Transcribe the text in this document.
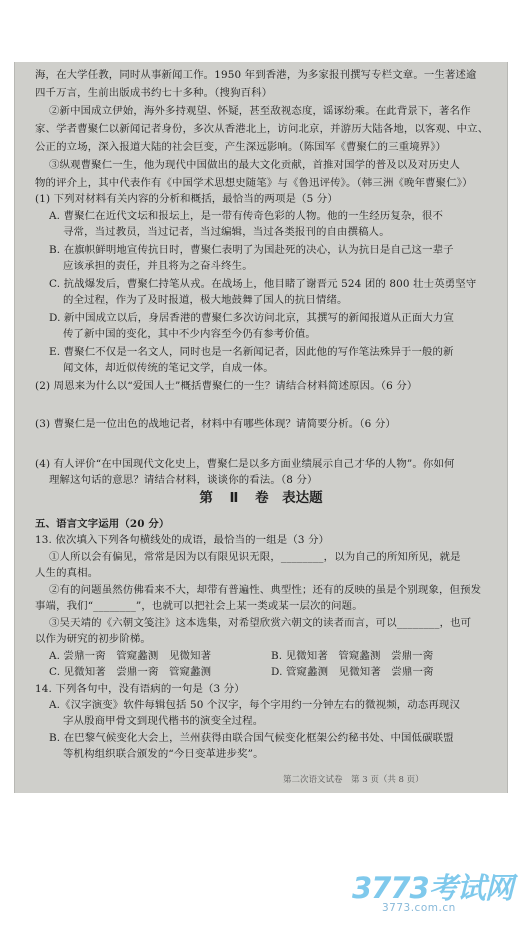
海，在大学任教，同时从事新闻工作。1950 年到香港，为多家报刊撰写专栏文章。一生著述逾
四千万言，生前出版成书约七十多种。（搜狗百科）
②新中国成立伊始，海外多持观望、怀疑，甚至敌视态度，谣诼纷乘。在此背景下，著名作
家、学者曹聚仁以新闻记者身份，多次从香港北上，访问北京，并游历大陆各地，以客观、中立、
公正的立场，深入报道大陆的社会巨变，产生深远影响。（陈国军《曹聚仁的三重境界》）
③纵观曹聚仁一生，他为现代中国做出的最大文化贡献，首推对国学的普及以及对历史人
物的评介上，其中代表作有《中国学术思想史随笔》与《鲁迅评传》。（韩三洲《晚年曹聚仁》）
(1) 下列对材料有关内容的分析和概括，最恰当的两项是（5 分）
A. 曹聚仁在近代文坛和报坛上，是一带有传奇色彩的人物。他的一生经历复杂，很不
寻常，当过教员，当过记者，当过编辑，当过各类报刊的自由撰稿人。
B. 在旗帜鲜明地宣传抗日时，曹聚仁表明了为国赴死的决心，认为抗日是自己这一辈子
应该承担的责任，并且将为之奋斗终生。
C. 抗战爆发后，曹聚仁持笔从戎。在战场上，他目睹了谢晋元 524 团的 800 壮士英勇坚守
的全过程，作为了及时报道，极大地鼓舞了国人的抗日情绪。
D. 新中国成立以后，身居香港的曹聚仁多次访问北京，其撰写的新闻报道从正面大力宣
传了新中国的变化，其中不少内容至今仍有参考价值。
E. 曹聚仁不仅是一名文人，同时也是一名新闻记者，因此他的写作笔法殊异于一般的新
闻文体，却近似传统的笔记文学，自成一体。
(2) 周恩来为什么以“爱国人士”概括曹聚仁的一生？请结合材料简述原因。（6 分）
(3) 曹聚仁是一位出色的战地记者，材料中有哪些体现？请简要分析。（6 分）
(4) 有人评价“在中国现代文化史上，曹聚仁是以多方面业绩展示自己才华的人物”。你如何
理解这句话的意思？请结合材料，谈谈你的看法。（8 分）
第 Ⅱ 卷　表达题
五、语言文字运用（20 分）
13. 依次填入下列各句横线处的成语，最恰当的一组是（3 分）
①人所以会有偏见，常常是因为以有限见识无限，________，以为自己的所知所见，就是
人生的真相。
②有的问题虽然仿佛看来不大，却带有普遍性、典型性；还有的反映的虽是个别现象，但预发
事端，我们“________”，也就可以把社会上某一类或某一层次的问题。
③吴天靖的《六朝文笺注》这本选集，对希望欣赏六朝文的读者而言，可以________，也可
以作为研究的初步阶梯。
A. 尝鼎一脔　管窥蠡测　见微知著	B. 见微知著　管窥蠡测　尝鼎一脔
C. 见微知著　尝鼎一脔　管窥蠡测	D. 管窥蠡测　见微知著　尝鼎一脔
14. 下列各句中，没有语病的一句是（3 分）
A.《汉字演变》软件每辑包括 50 个汉字，每个字用约一分钟左右的微视频，动态再现汉
字从殷商甲骨文到现代楷书的演变全过程。
B. 在巴黎气候变化大会上，兰州获得由联合国气候变化框架公约秘书处、中国低碳联盟
等机构组织联合颁发的“今日变革进步奖”。
第二次语文试卷　第 3 页（共 8 页）
3773考试网
3773.com.cn
